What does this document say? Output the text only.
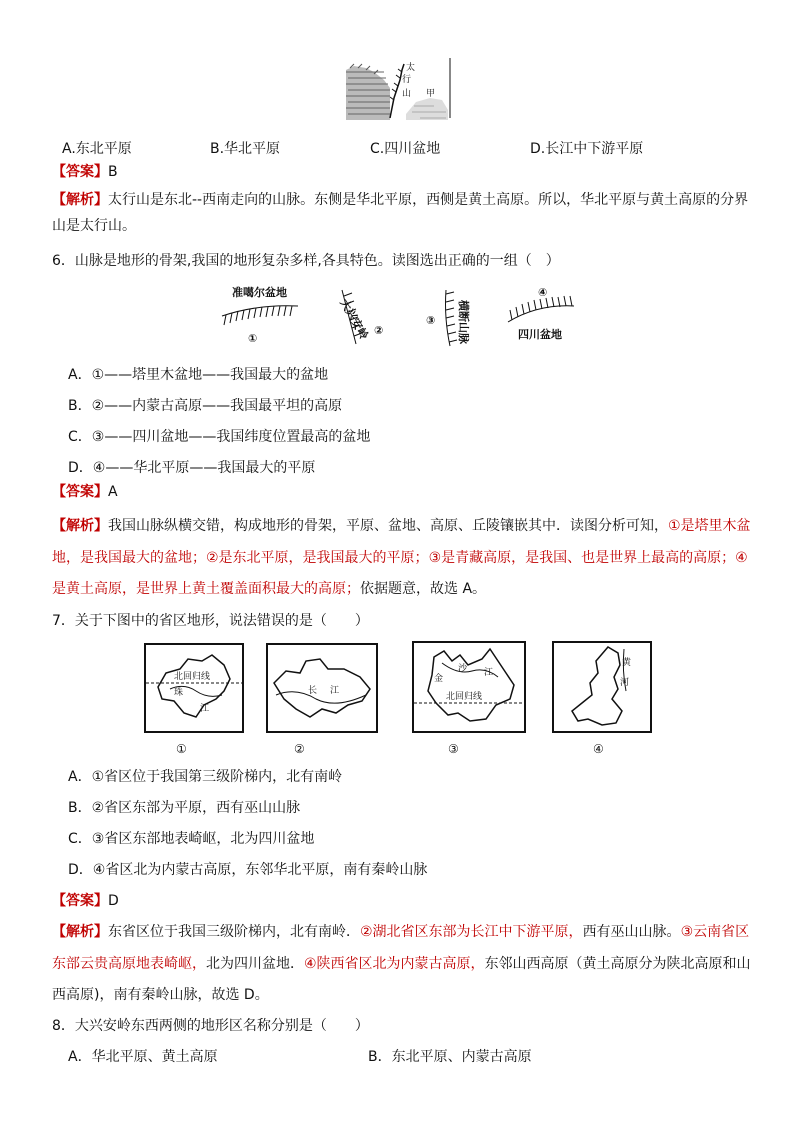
太
行
山 甲
A.东北平原	B.华北平原	C.四川盆地	D.长江中下游平原
【答案】B
【解析】太行山是东北--西南走向的山脉。东侧是华北平原，西侧是黄土高原。所以，华北平原与黄土高原的分界
山是太行山。
6．山脉是地形的骨架,我国的地形复杂多样,各具特色。读图选出正确的一组（　）
准噶尔盆地
①	大兴安岭 ②
③ 横断山脉
④
四川盆地
A．①——塔里木盆地——我国最大的盆地
B．②——内蒙古高原——我国最平坦的高原
C．③——四川盆地——我国纬度位置最高的盆地
D．④——华北平原——我国最大的平原
【答案】A
【解析】我国山脉纵横交错，构成地形的骨架，平原、盆地、高原、丘陵镶嵌其中．读图分析可知，①是塔里木盆
地，是我国最大的盆地；②是东北平原，是我国最大的平原；③是青藏高原，是我国、也是世界上最高的高原；④
是黄土高原，是世界上黄土覆盖面积最大的高原；依据题意，故选 A。
7．关于下图中的省区地形，说法错误的是（　　）
北回归线
珠
江
①
长 江
②
金
沙 江
北回归线
③
黄
河
④
A．①省区位于我国第三级阶梯内，北有南岭
B．②省区东部为平原，西有巫山山脉
C．③省区东部地表崎岖，北为四川盆地
D．④省区北为内蒙古高原，东邻华北平原，南有秦岭山脉
【答案】D
【解析】东省区位于我国三级阶梯内，北有南岭．②湖北省区东部为长江中下游平原，西有巫山山脉。③云南省区
东部云贵高原地表崎岖，北为四川盆地．④陕西省区北为内蒙古高原，东邻山西高原（黄土高原分为陕北高原和山
西高原)，南有秦岭山脉，故选 D。
8．大兴安岭东西两侧的地形区名称分别是（　　）
A．华北平原、黄土高原	B．东北平原、内蒙古高原
